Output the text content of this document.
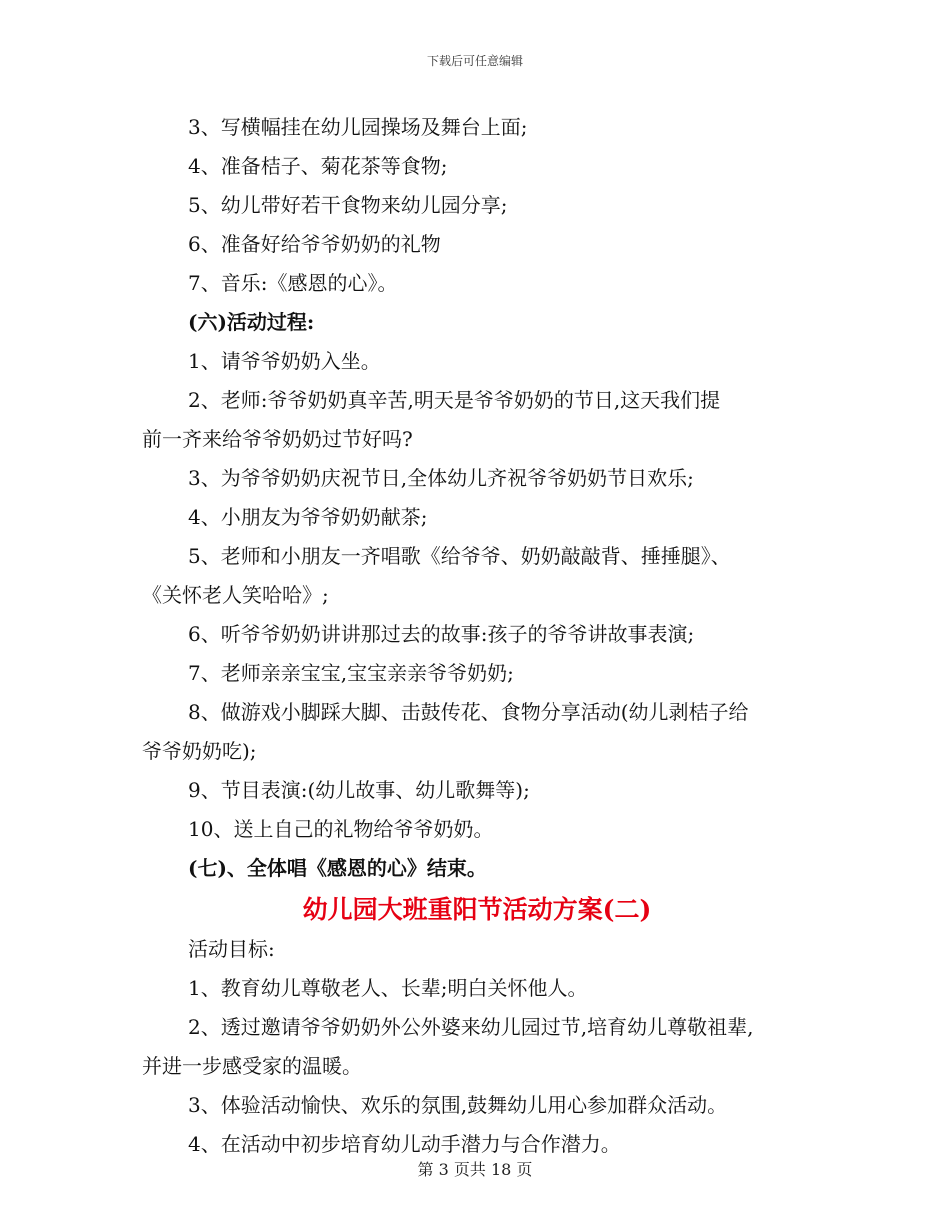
下载后可任意编辑

3、写横幅挂在幼儿园操场及舞台上面;

4、准备桔子、菊花茶等食物;

5、幼儿带好若干食物来幼儿园分享;

6、准备好给爷爷奶奶的礼物

7、音乐:《感恩的心》。

(六)活动过程:

1、请爷爷奶奶入坐。

2、老师:爷爷奶奶真辛苦,明天是爷爷奶奶的节日,这天我们提

前一齐来给爷爷奶奶过节好吗?

3、为爷爷奶奶庆祝节日,全体幼儿齐祝爷爷奶奶节日欢乐;

4、小朋友为爷爷奶奶献茶;

5、老师和小朋友一齐唱歌《给爷爷、奶奶敲敲背、捶捶腿》、

《关怀老人笑哈哈》;

6、听爷爷奶奶讲讲那过去的故事:孩子的爷爷讲故事表演;

7、老师亲亲宝宝,宝宝亲亲爷爷奶奶;

8、做游戏小脚踩大脚、击鼓传花、食物分享活动(幼儿剥桔子给

爷爷奶奶吃);

9、节目表演:(幼儿故事、幼儿歌舞等);

10、送上自己的礼物给爷爷奶奶。

(七)、全体唱《感恩的心》结束。

幼儿园大班重阳节活动方案(二)

活动目标:

1、教育幼儿尊敬老人、长辈;明白关怀他人。

2、透过邀请爷爷奶奶外公外婆来幼儿园过节,培育幼儿尊敬祖辈,

并进一步感受家的温暖。

3、体验活动愉快、欢乐的氛围,鼓舞幼儿用心参加群众活动。

4、在活动中初步培育幼儿动手潜力与合作潜力。

第 3 页共 18 页
